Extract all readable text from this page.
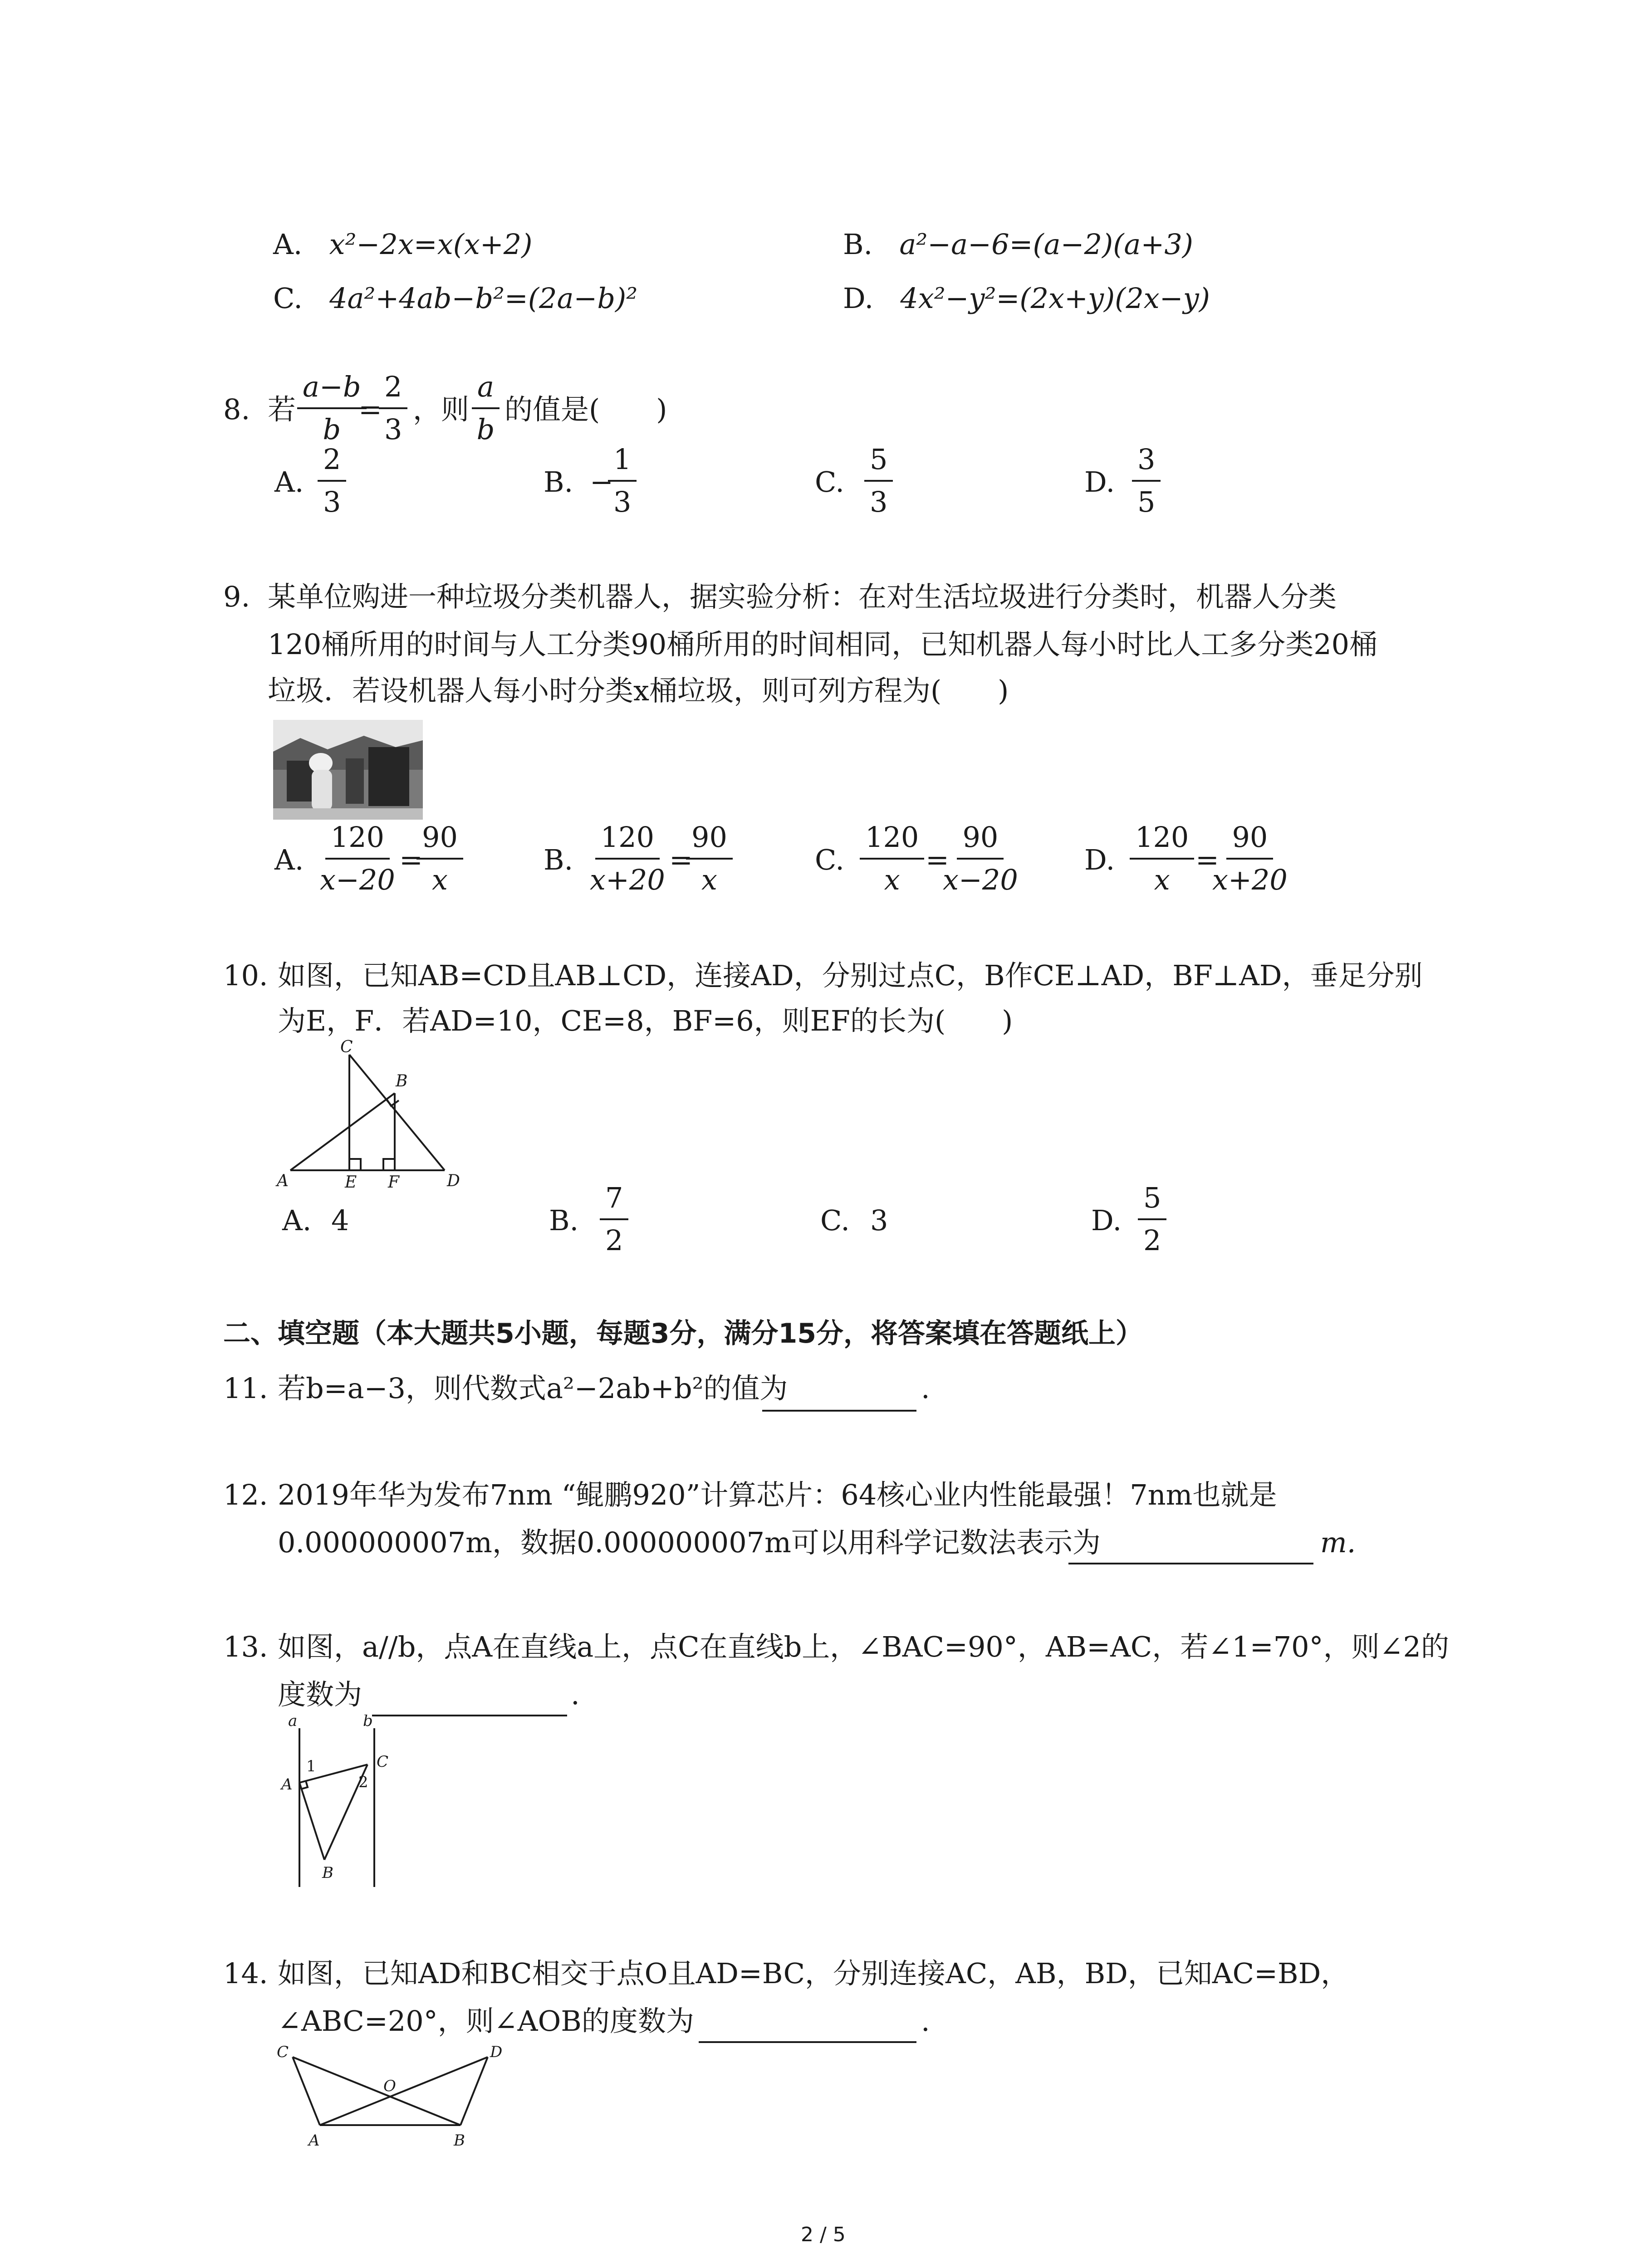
A. x²−2x=x(x+2)	B. a²−a−6=(a−2)(a+3)
C. 4a²+4ab−b²=(2a−b)²	D. 4x²−y²=(2x+y)(2x−y)
8. 若 $\frac{a-b}{b}$
=
$\frac{2}{3}$ ，则 $\frac{a}{b}$ 的值是(　　)
A. $\frac{2}{3}$	B. −
$\frac{1}{3}$	C. $\frac{5}{3}$	D. $\frac{3}{5}$
9. 某单位购进一种垃圾分类机器人，据实验分析：在对生活垃圾进行分类时，机器人分类
120桶所用的时间与人工分类90桶所用的时间相同，已知机器人每小时比人工多分类20桶
垃圾．若设机器人每小时分类x桶垃圾，则可列方程为(　　)
A. $\frac{120}{x-20}$ =
$\frac{90}{x}$	B. $\frac{120}{x+20}$ =
$\frac{90}{x}$	C. $\frac{120}{x}$ =
$\frac{90}{x-20} D$. $\frac{120}{x}$ =
$\frac{90}{x+20}$
10. 如图，已知AB=CD且AB⊥CD，连接AD，分别过点C，B作CE⊥AD，BF⊥AD，垂足分别
为E，F．若AD=10，CE=8，BF=6，则EF的长为(　　)
A
B
C
D
E F
A. 4	B. $\frac{7}{2}$	C. 3	D. $\frac{5}{2}$
二、填空题（本大题共5小题，每题3分，满分15分，将答案填在答题纸上）
11. 若b=a−3，则代数式a²−2ab+b²的值为	.
12. 2019年华为发布7nm “鲲鹏920”计算芯片：64核心业内性能最强！7nm也就是
0.000000007m，数据0.000000007m可以用科学记数法表示为	m.
13. 如图，a//b，点A在直线a上，点C在直线b上，∠BAC=90°，AB=AC，若∠1=70°，则∠2的
度数为	.
a	b
A
C
B
1
2
14. 如图，已知AD和BC相交于点O且AD=BC，分别连接AC，AB，BD，已知AC=BD，
∠ABC=20°，则∠AOB的度数为	.
C	D
O
A	B
2 / 5
